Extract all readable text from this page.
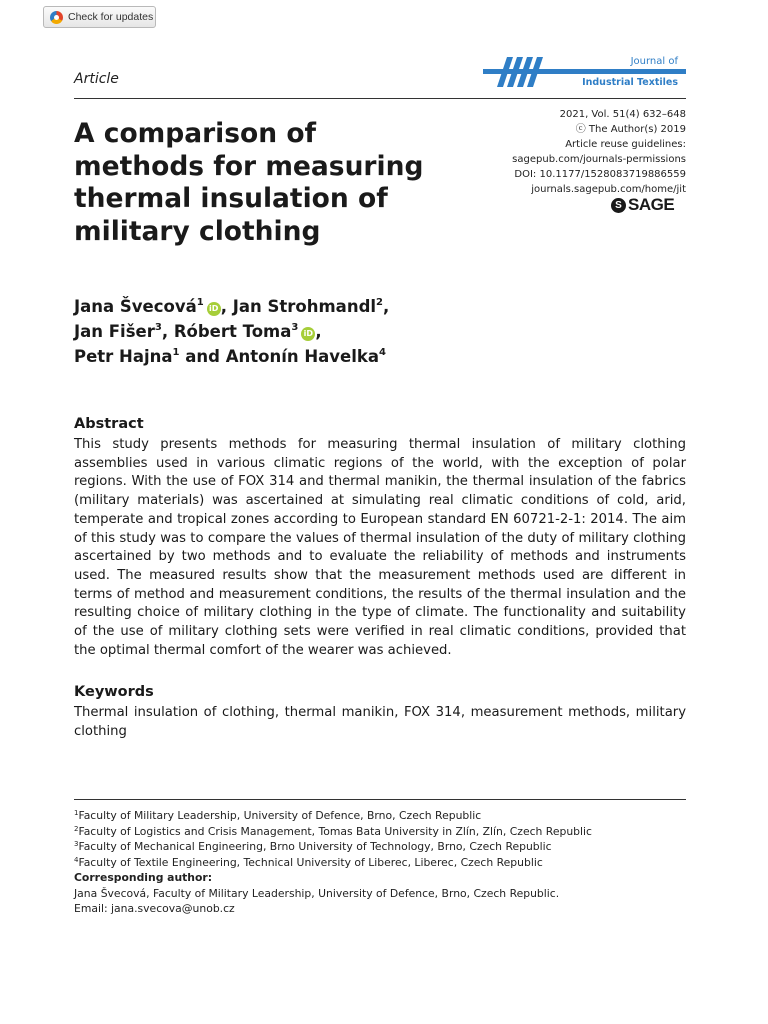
Check for updates
Article
Journal of
Industrial Textiles
A comparison of methods for measuring thermal insulation of military clothing
2021, Vol. 51(4) 632–648
ⓒ The Author(s) 2019
Article reuse guidelines:
sagepub.com/journals-permissions
DOI: 10.1177/1528083719886559
journals.sagepub.com/home/jit
S SAGE
Jana Švecová$^1$iD , Jan Strohmandl$^2$,
Jan Fišer$^3$, Róbert Toma$^3$iD ,
Petr Hajna$^1$ and Antonín Havelka$^4$
Abstract

This study presents methods for measuring thermal insulation of military clothing assemblies used in various climatic regions of the world, with the exception of polar regions. With the use of FOX 314 and thermal manikin, the thermal insulation of the fabrics (military materials) was ascertained at simulating real climatic conditions of cold, arid, temperate and tropical zones according to European standard EN 60721-2-1: 2014. The aim of this study was to compare the values of thermal insulation of the duty of military clothing ascertained by two methods and to evaluate the reliability of methods and instruments used. The measured results show that the measurement methods used are different in terms of method and measurement conditions, the results of the thermal insulation and the resulting choice of military clothing in the type of climate. The functionality and suitability of the use of military clothing sets were verified in real climatic conditions, provided that the optimal thermal comfort of the wearer was achieved.

Keywords

Thermal insulation of clothing, thermal manikin, FOX 314, measurement methods, military clothing

$^1$Faculty of Military Leadership, University of Defence, Brno, Czech Republic
$^2$Faculty of Logistics and Crisis Management, Tomas Bata University in Zlín, Zlín, Czech Republic
$^3$Faculty of Mechanical Engineering, Brno University of Technology, Brno, Czech Republic
$^4$Faculty of Textile Engineering, Technical University of Liberec, Liberec, Czech Republic
Corresponding author:
Jana Švecová, Faculty of Military Leadership, University of Defence, Brno, Czech Republic.
Email: jana.svecova@unob.cz
